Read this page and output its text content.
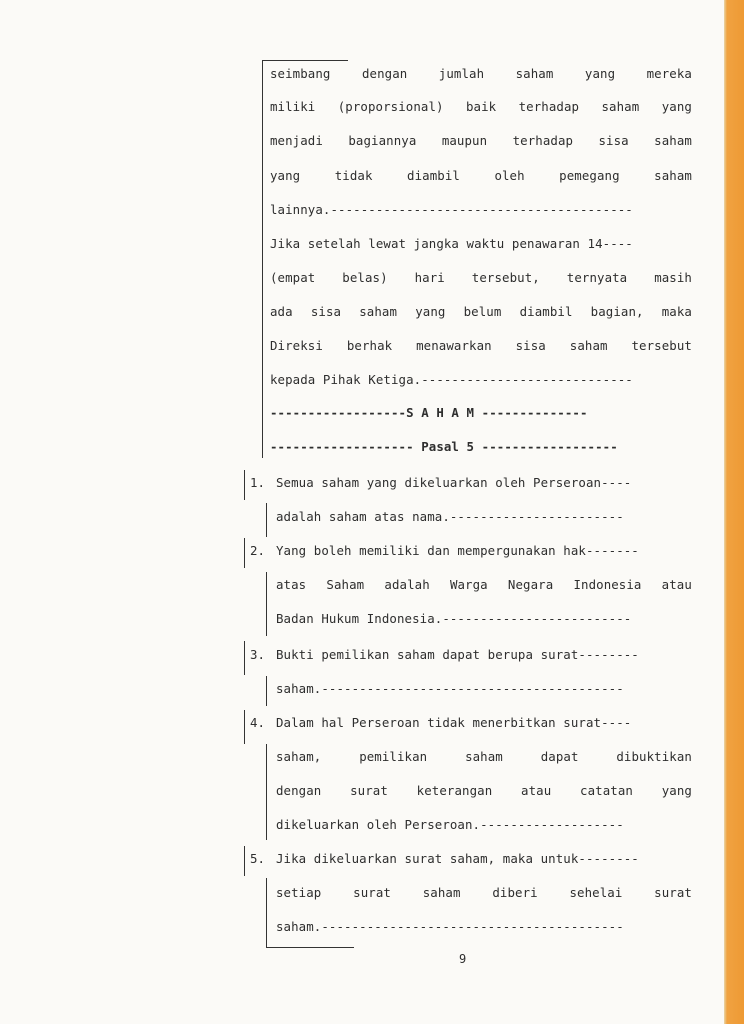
seimbang	dengan	jumlah	saham	yang	mereka
miliki (proporsional) baik terhadap saham yang
menjadi bagiannya maupun terhadap sisa saham
yang	tidak	diambil	oleh	pemegang	saham
lainnya.----------------------------------------
Jika setelah lewat jangka waktu penawaran 14----
(empat belas) hari tersebut, ternyata masih
ada sisa saham yang belum diambil bagian, maka
Direksi berhak menawarkan sisa saham tersebut
kepada Pihak Ketiga.----------------------------
------------------S A H A M --------------
------------------- Pasal 5 ------------------
1. Semua saham yang dikeluarkan oleh Perseroan----
adalah saham atas nama.-----------------------
2. Yang boleh memiliki dan mempergunakan hak-------
atas Saham adalah Warga Negara Indonesia atau
Badan Hukum Indonesia.-------------------------
3. Bukti pemilikan saham dapat berupa surat--------
saham.----------------------------------------
4. Dalam hal Perseroan tidak menerbitkan surat----
saham,	pemilikan	saham	dapat	dibuktikan
dengan surat keterangan atau catatan yang
dikeluarkan oleh Perseroan.-------------------
5. Jika dikeluarkan surat saham, maka untuk--------
setiap	surat	saham	diberi	sehelai	surat
saham.----------------------------------------
9
